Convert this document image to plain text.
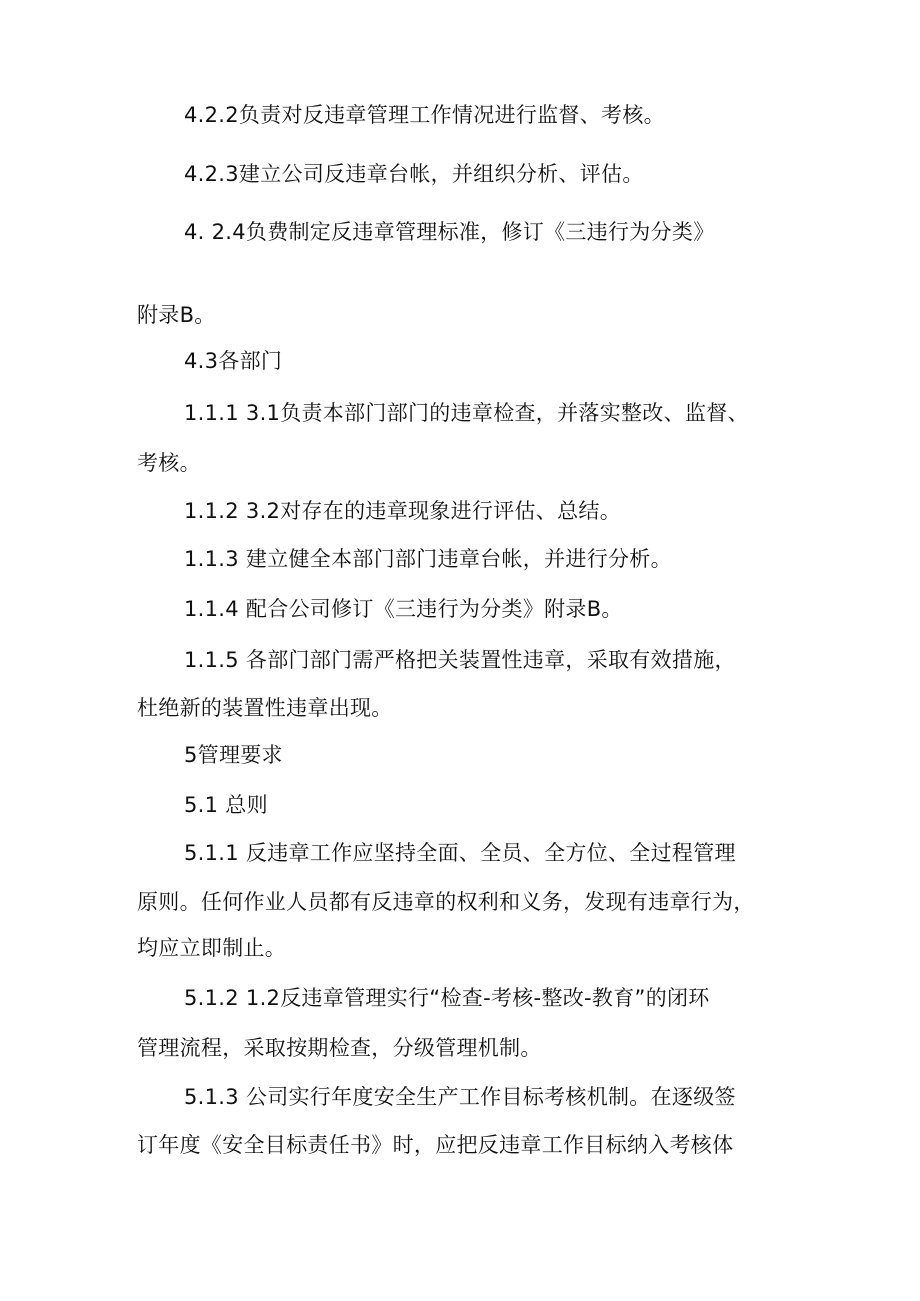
4.2.2负责对反违章管理工作情况进行监督、考核。
4.2.3建立公司反违章台帐，并组织分析、评估。
4. 2.4负费制定反违章管理标准，修订《三违行为分类》
附录B。
4.3各部门
1.1.1 3.1负责本部门部门的违章检查，并落实整改、监督、
考核。
1.1.2 3.2对存在的违章现象进行评估、总结。
1.1.3 建立健全本部门部门违章台帐，并进行分析。
1.1.4 配合公司修订《三违行为分类》附录B。
1.1.5 各部门部门需严格把关装置性违章，采取有效措施，
杜绝新的装置性违章出现。
5管理要求
5.1 总则
5.1.1 反违章工作应坚持全面、全员、全方位、全过程管理
原则。任何作业人员都有反违章的权利和义务，发现有违章行为，
均应立即制止。
5.1.2 1.2反违章管理实行“检查-考核-整改-教育”的闭环
管理流程，采取按期检查，分级管理机制。
5.1.3 公司实行年度安全生产工作目标考核机制。在逐级签
订年度《安全目标责任书》时，应把反违章工作目标纳入考核体
